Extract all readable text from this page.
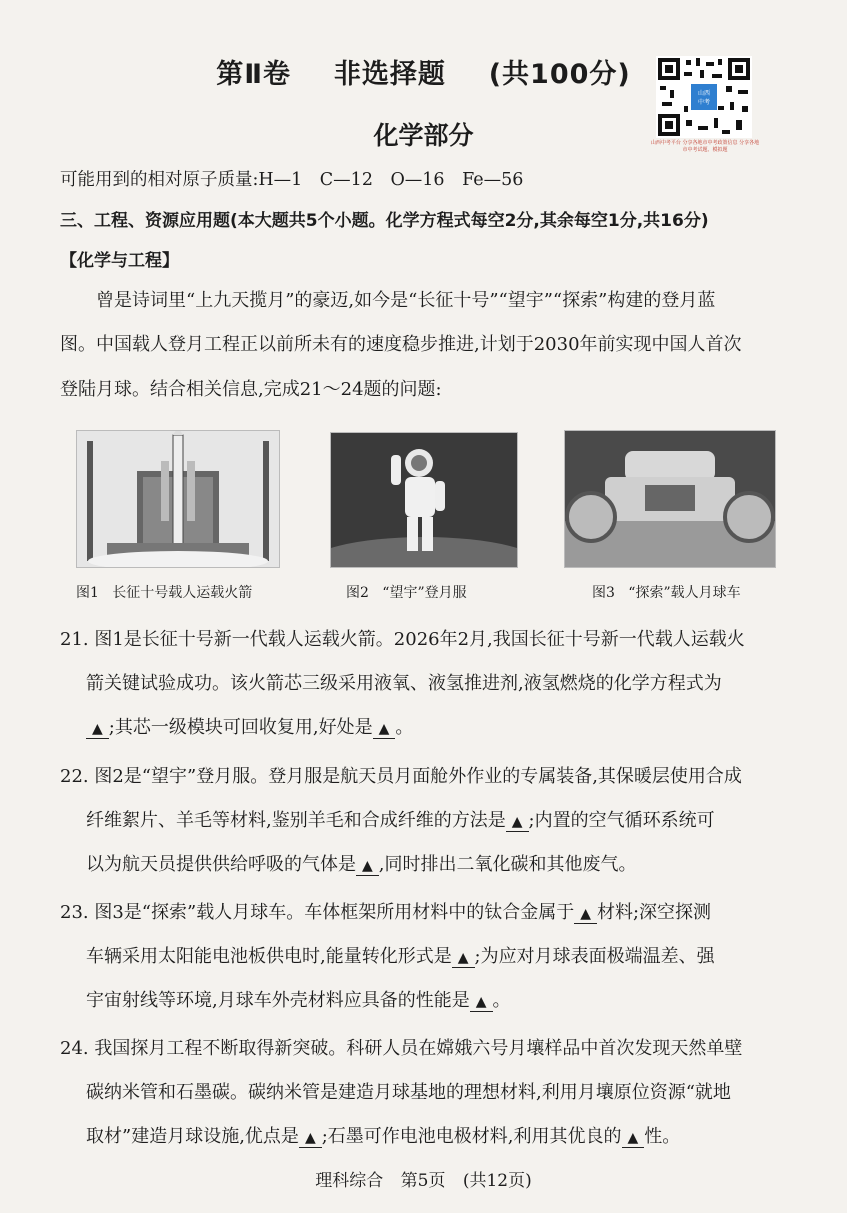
第Ⅱ卷 非选择题 (共100分)
化学部分
山西
中考
山西中考平台 分享各地市中考政策信息 分享各地市中考试题、模拟题
可能用到的相对原子质量:H—1　C—12　O—16　Fe—56
三、工程、资源应用题(本大题共5个小题。化学方程式每空2分,其余每空1分,共16分)
【化学与工程】
曾是诗词里“上九天揽月”的豪迈,如今是“长征十号”“望宇”“探索”构建的登月蓝
图。中国载人登月工程正以前所未有的速度稳步推进,计划于2030年前实现中国人首次
登陆月球。结合相关信息,完成21～24题的问题:
图1 长征十号载人运载火箭	图2 “望宇”登月服	图3 “探索”载人月球车
21. 图1是长征十号新一代载人运载火箭。2026年2月,我国长征十号新一代载人运载火
箭关键试验成功。该火箭芯三级采用液氧、液氢推进剂,液氢燃烧的化学方程式为
▲ ;其芯一级模块可回收复用,好处是 ▲ 。
22. 图2是“望宇”登月服。登月服是航天员月面舱外作业的专属装备,其保暖层使用合成
纤维絮片、羊毛等材料,鉴别羊毛和合成纤维的方法是 ▲ ;内置的空气循环系统可
以为航天员提供供给呼吸的气体是 ▲ ,同时排出二氧化碳和其他废气。
23. 图3是“探索”载人月球车。车体框架所用材料中的钛合金属于 ▲ 材料;深空探测
车辆采用太阳能电池板供电时,能量转化形式是 ▲ ;为应对月球表面极端温差、强
宇宙射线等环境,月球车外壳材料应具备的性能是 ▲ 。
24. 我国探月工程不断取得新突破。科研人员在嫦娥六号月壤样品中首次发现天然单壁
碳纳米管和石墨碳。碳纳米管是建造月球基地的理想材料,利用月壤原位资源“就地
取材”建造月球设施,优点是 ▲ ;石墨可作电池电极材料,利用其优良的 ▲ 性。
理科综合 第5页 (共12页)
